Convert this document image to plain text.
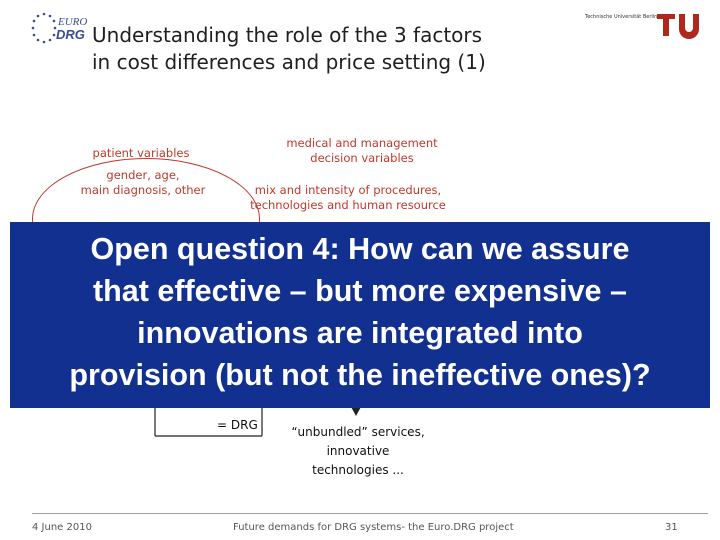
EURO
DRG
Technische Universität Berlin
Understanding the role of the 3 factors
in cost differences and price setting (1)
patient variables
medical and management
decision variables
gender, age,
main diagnosis, other	mix and intensity of procedures,
technologies and human resource
= DRG	“unbundled” services,
innovative
technologies ...
Open question 4: How can we assure
that effective – but more expensive –
innovations are integrated into
provision (but not the ineffective ones)?
4 June 2010	Future demands for DRG systems- the Euro.DRG project	31
